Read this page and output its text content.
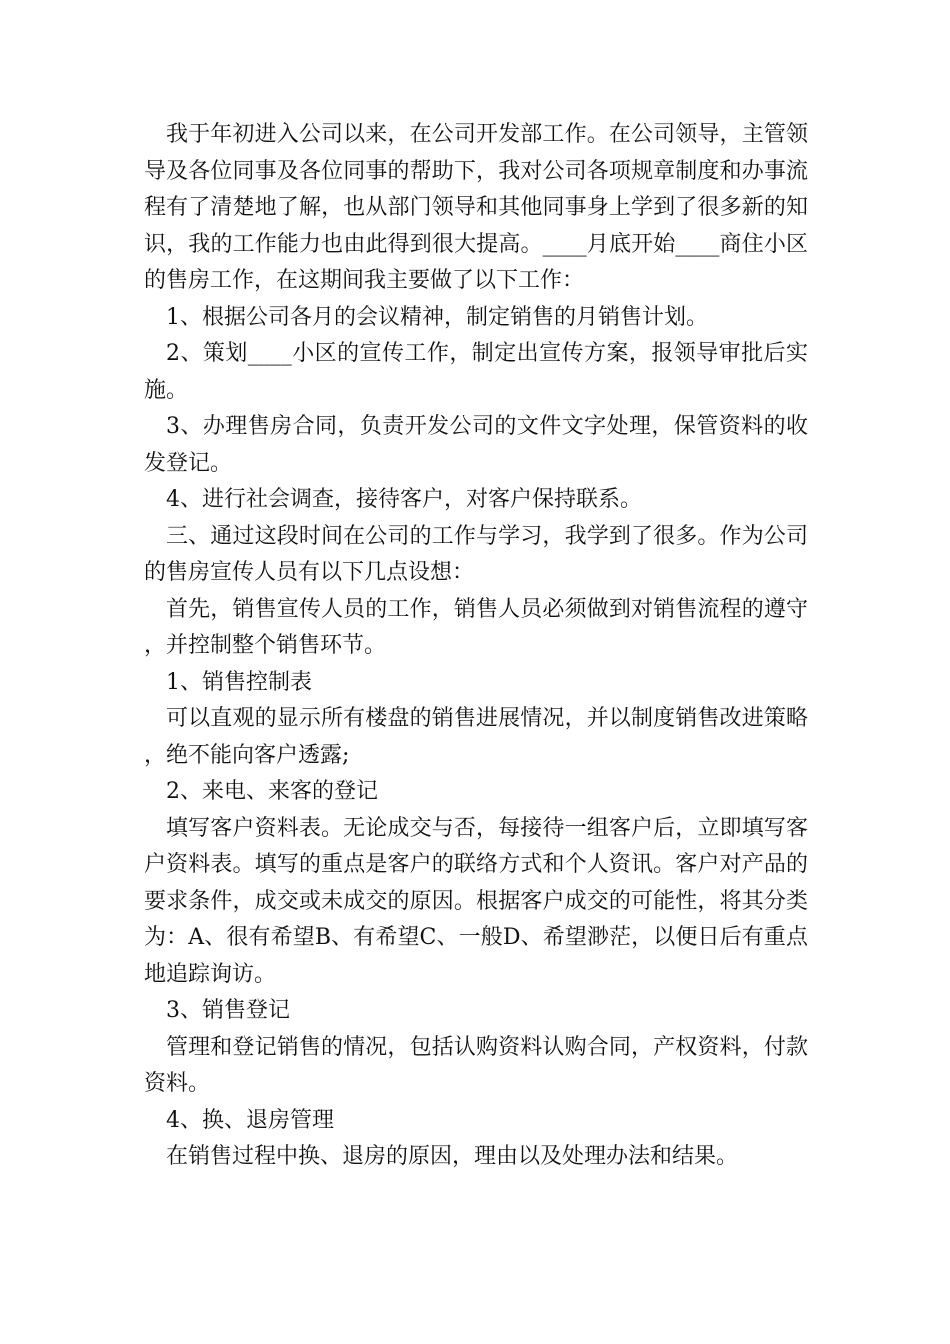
我于年初进入公司以来，在公司开发部工作。在公司领导，主管领导及各位同事及各位同事的帮助下，我对公司各项规章制度和办事流程有了清楚地了解，也从部门领导和其他同事身上学到了很多新的知识，我的工作能力也由此得到很大提高。____月底开始____商住小区的售房工作，在这期间我主要做了以下工作：

1、根据公司各月的会议精神，制定销售的月销售计划。

2、策划____小区的宣传工作，制定出宣传方案，报领导审批后实施。

3、办理售房合同，负责开发公司的文件文字处理，保管资料的收发登记。

4、进行社会调查，接待客户，对客户保持联系。

三、通过这段时间在公司的工作与学习，我学到了很多。作为公司的售房宣传人员有以下几点设想：

首先，销售宣传人员的工作，销售人员必须做到对销售流程的遵守，并控制整个销售环节。

1、销售控制表

可以直观的显示所有楼盘的销售进展情况，并以制度销售改进策略，绝不能向客户透露;

2、来电、来客的登记

填写客户资料表。无论成交与否，每接待一组客户后，立即填写客户资料表。填写的重点是客户的联络方式和个人资讯。客户对产品的要求条件，成交或未成交的原因。根据客户成交的可能性，将其分类为：A、很有希望B、有希望C、一般D、希望渺茫，以便日后有重点地追踪询访。

3、销售登记

管理和登记销售的情况，包括认购资料认购合同，产权资料，付款资料。

4、换、退房管理

在销售过程中换、退房的原因，理由以及处理办法和结果。
